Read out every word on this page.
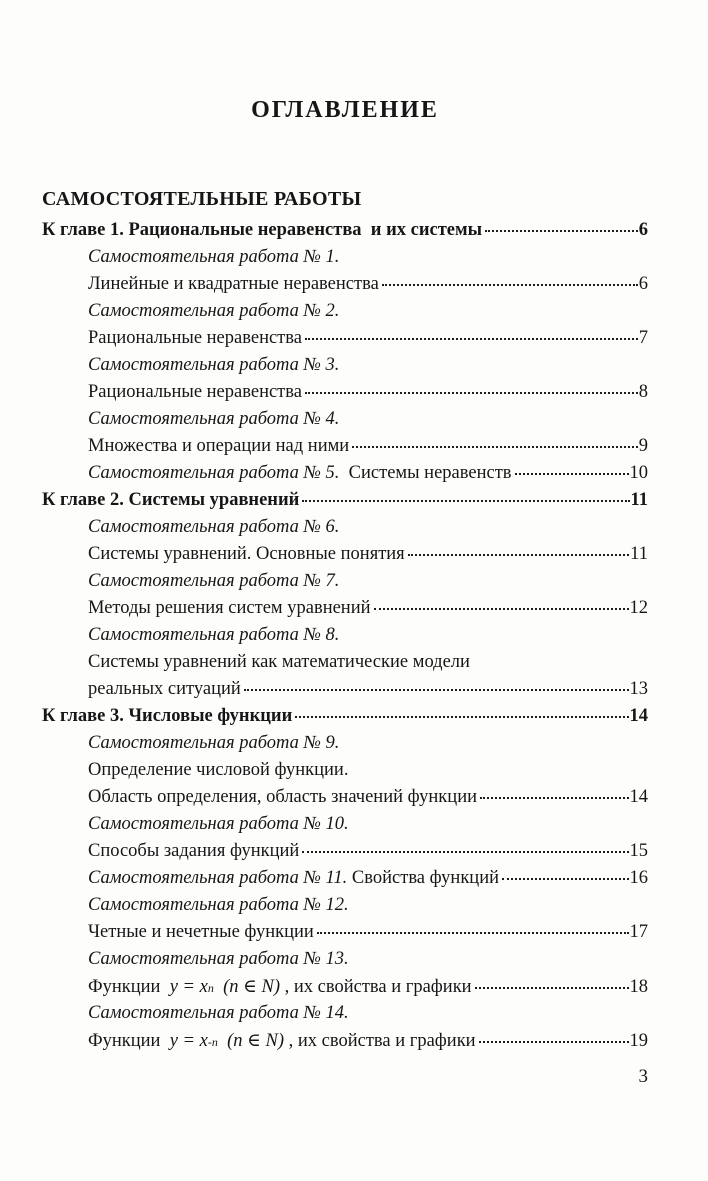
ОГЛАВЛЕНИЕ
САМОСТОЯТЕЛЬНЫЕ РАБОТЫ
К главе 1. Рациональные неравенства  и их системы	6
Самостоятельная работа № 1.
Линейные и квадратные неравенства	6
Самостоятельная работа № 2.
Рациональные неравенства	7
Самостоятельная работа № 3.
Рациональные неравенства	8
Самостоятельная работа № 4.
Множества и операции над ними	9
Самостоятельная работа № 5. Системы неравенств	10
К главе 2. Системы уравнений	11
Самостоятельная работа № 6.
Системы уравнений. Основные понятия	11
Самостоятельная работа № 7.
Методы решения систем уравнений	12
Самостоятельная работа № 8.
Системы уравнений как математические модели
реальных ситуаций	13
К главе 3. Числовые функции	14
Самостоятельная работа № 9.
Определение числовой функции.
Область определения, область значений функции	14
Самостоятельная работа № 10.
Способы задания функций	15
Самостоятельная работа № 11. Свойства функций	16
Самостоятельная работа № 12.
Четные и нечетные функции	17
Самостоятельная работа № 13.
Функции y = x n (n ∈ N) , их свойства и графики	18
Самостоятельная работа № 14.
Функции y = x -n (n ∈ N) , их свойства и графики	19
3
